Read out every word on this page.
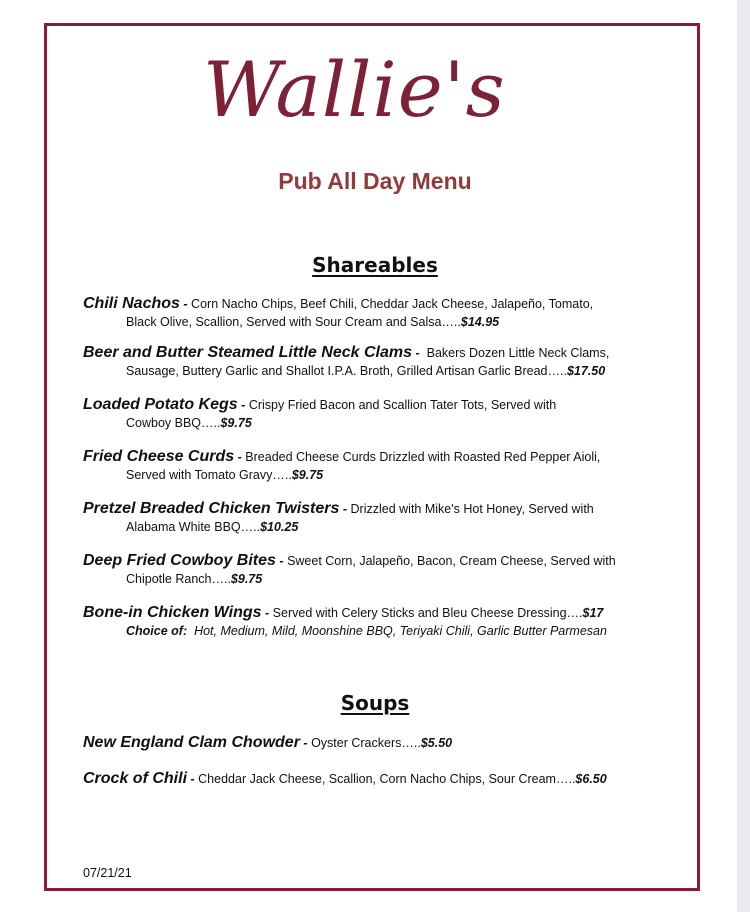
Wallie's
Pub All Day Menu
Shareables
Chili Nachos - Corn Nacho Chips, Beef Chili, Cheddar Jack Cheese, Jalapeño, Tomato,
Black Olive, Scallion, Served with Sour Cream and Salsa…..$14.95
Beer and Butter Steamed Little Neck Clams - Bakers Dozen Little Neck Clams,
Sausage, Buttery Garlic and Shallot I.P.A. Broth, Grilled Artisan Garlic Bread…..$17.50
Loaded Potato Kegs - Crispy Fried Bacon and Scallion Tater Tots, Served with
Cowboy BBQ…..$9.75
Fried Cheese Curds - Breaded Cheese Curds Drizzled with Roasted Red Pepper Aioli,
Served with Tomato Gravy…..$9.75
Pretzel Breaded Chicken Twisters - Drizzled with Mike's Hot Honey, Served with
Alabama White BBQ…..$10.25
Deep Fried Cowboy Bites - Sweet Corn, Jalapeño, Bacon, Cream Cheese, Served with
Chipotle Ranch…..$9.75
Bone-in Chicken Wings - Served with Celery Sticks and Bleu Cheese Dressing….$17
Choice of: Hot, Medium, Mild, Moonshine BBQ, Teriyaki Chili, Garlic Butter Parmesan
Soups
New England Clam Chowder - Oyster Crackers…..$5.50
Crock of Chili - Cheddar Jack Cheese, Scallion, Corn Nacho Chips, Sour Cream…..$6.50
07/21/21
